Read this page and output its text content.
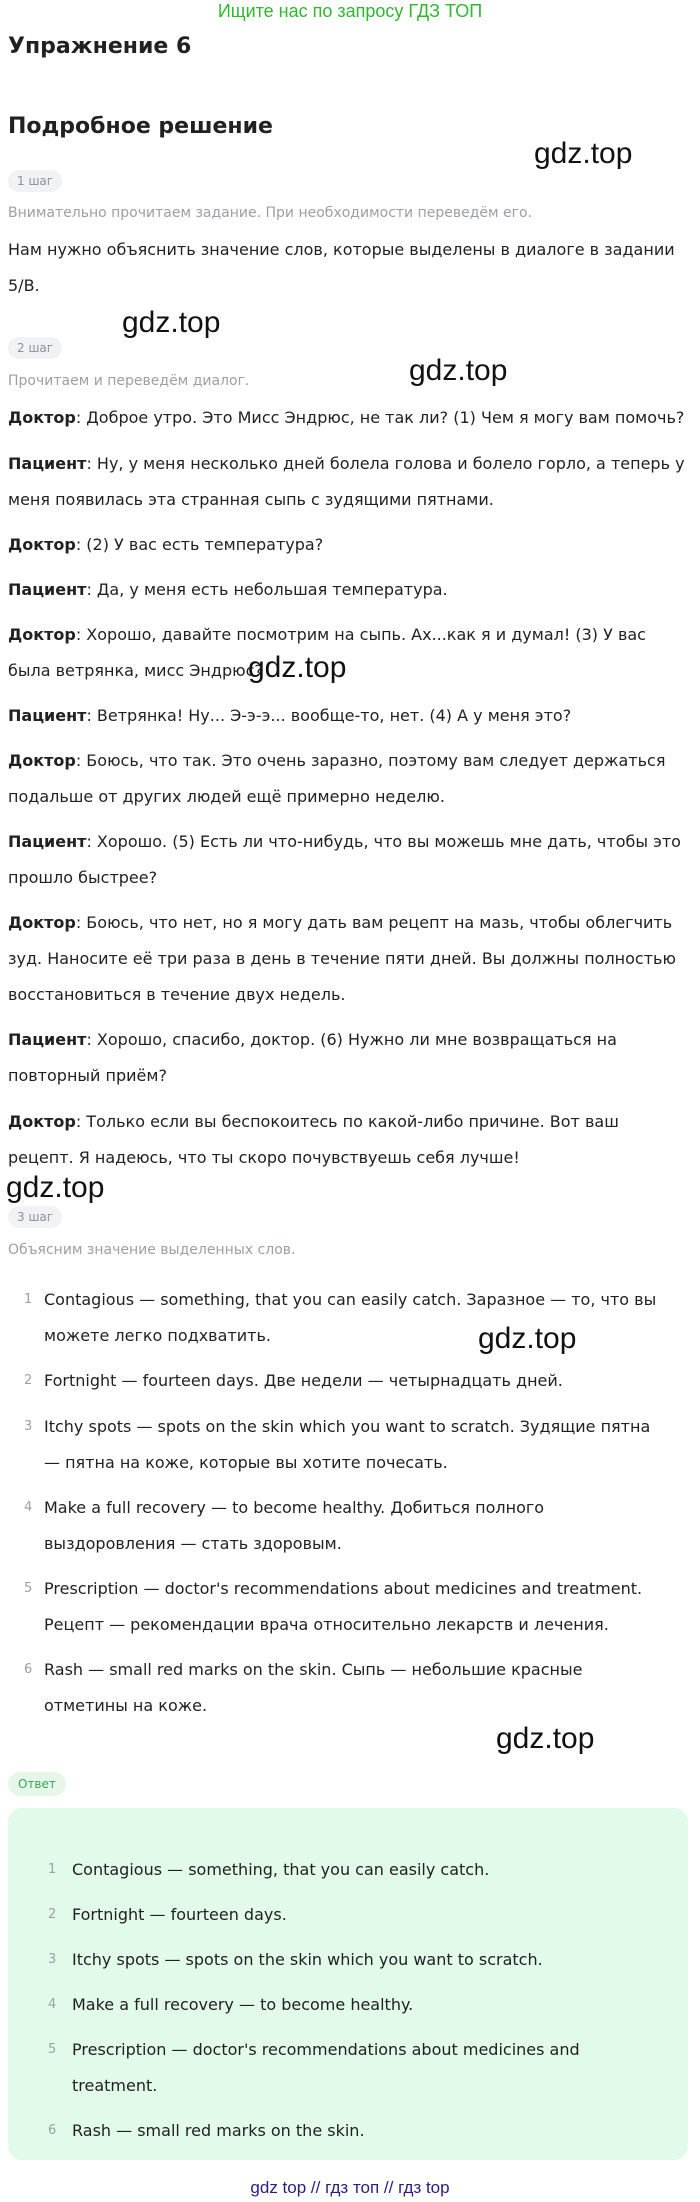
Ищите нас по запросу ГДЗ ТОП
Упражнение 6
Подробное решение
gdz.top
gdz.top
gdz.top
gdz.top
gdz.top
gdz.top
gdz.top
1 шаг
Внимательно прочитаем задание. При необходимости переведём его.

Нам нужно объяснить значение слов, которые выделены в диалоге в задании 5/B.

2 шаг
Прочитаем и переведём диалог.

Доктор: Доброе утро. Это Мисс Эндрюс, не так ли? (1) Чем я могу вам помочь?

Пациент: Ну, у меня несколько дней болела голова и болело горло, а теперь у меня появилась эта странная сыпь с зудящими пятнами.

Доктор: (2) У вас есть температура?

Пациент: Да, у меня есть небольшая температура.

Доктор: Хорошо, давайте посмотрим на сыпь. Ах...как я и думал! (3) У вас была ветрянка, мисс Эндрюс?

Пациент: Ветрянка! Ну... Э-э-э... вообще-то, нет. (4) А у меня это?

Доктор: Боюсь, что так. Это очень заразно, поэтому вам следует держаться подальше от других людей ещё примерно неделю.

Пациент: Хорошо. (5) Есть ли что-нибудь, что вы можешь мне дать, чтобы это прошло быстрее?

Доктор: Боюсь, что нет, но я могу дать вам рецепт на мазь, чтобы облегчить зуд. Наносите её три раза в день в течение пяти дней. Вы должны полностью восстановиться в течение двух недель.

Пациент: Хорошо, спасибо, доктор. (6) Нужно ли мне возвращаться на повторный приём?

Доктор: Только если вы беспокоитесь по какой-либо причине. Вот ваш рецепт. Я надеюсь, что ты скоро почувствуешь себя лучше!

3 шаг
Объясним значение выделенных слов.
1 Contagious — something, that you can easily catch. Заразное — то, что вы можете легко подхватить.
2 Fortnight — fourteen days. Две недели — четырнадцать дней.
3 Itchy spots — spots on the skin which you want to scratch. Зудящие пятна — пятна на коже, которые вы хотите почесать.
4 Make a full recovery — to become healthy. Добиться полного выздоровления — стать здоровым.
5 Prescription — doctor's recommendations about medicines and treatment. Рецепт — рекомендации врача относительно лекарств и лечения.
6 Rash — small red marks on the skin. Сыпь — небольшие красные отметины на коже.
Ответ
1 Contagious — something, that you can easily catch.
2 Fortnight — fourteen days.
3 Itchy spots — spots on the skin which you want to scratch.
4 Make a full recovery — to become healthy.
5 Prescription — doctor's recommendations about medicines and treatment.
6 Rash — small red marks on the skin.
gdz top // гдз топ // гдз top
